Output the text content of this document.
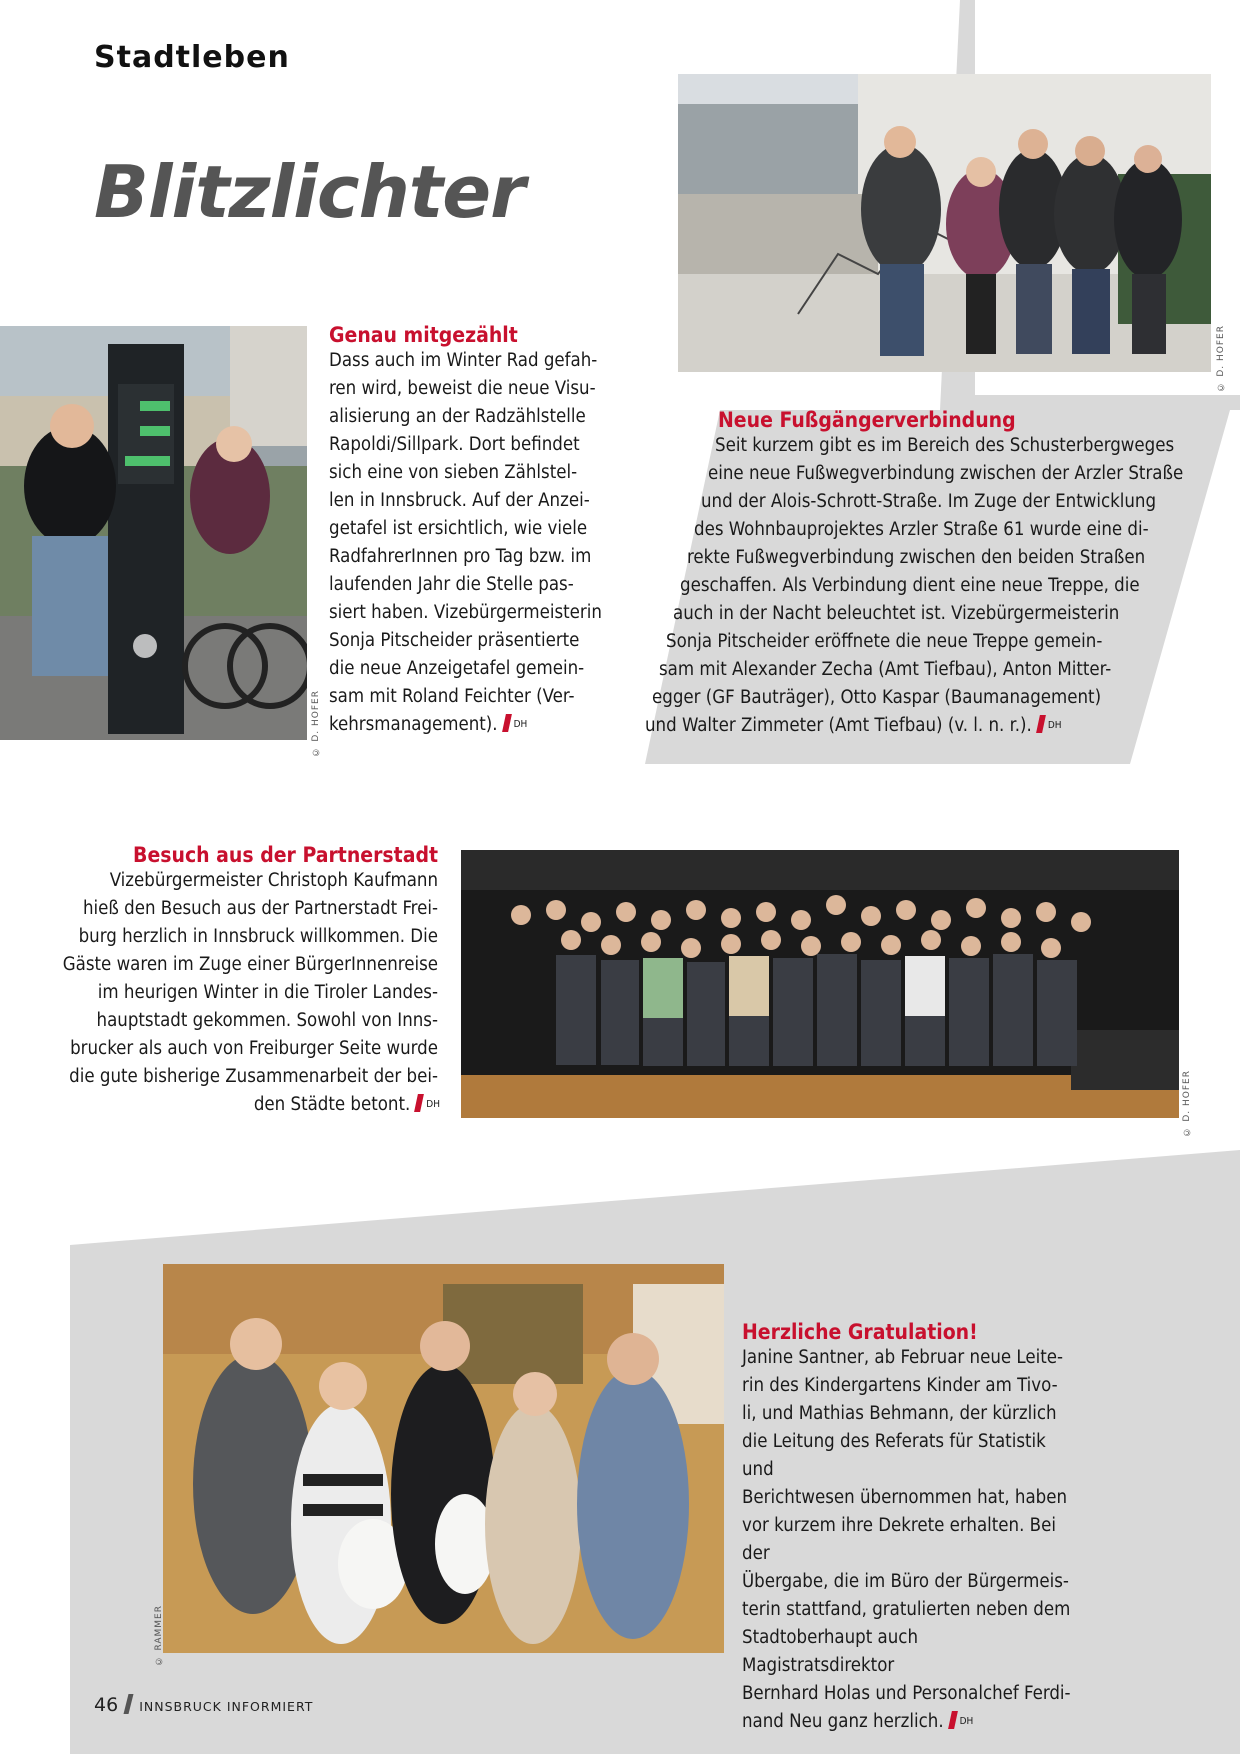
Stadtleben
Blitzlichter
© D. HOFER
Genau mitgezählt
Dass auch im Winter Rad gefah-
ren wird, beweist die neue Visu-
alisierung an der Radzählstelle
Rapoldi/Sillpark. Dort befindet
sich eine von sieben Zählstel-
len in Innsbruck. Auf der Anzei-
getafel ist ersichtlich, wie viele
RadfahrerInnen pro Tag bzw. im
laufenden Jahr die Stelle pas-
siert haben. Vizebürgermeisterin
Sonja Pitscheider präsentierte
die neue Anzeigetafel gemein-
sam mit Roland Feichter (Ver-
kehrsmanagement). $^{DH}$
© D. HOFER
Neue Fußgängerverbindung
Seit kurzem gibt es im Bereich des Schusterbergweges
eine neue Fußwegverbindung zwischen der Arzler Straße
und der Alois-Schrott-Straße. Im Zuge der Entwicklung
des Wohnbauprojektes Arzler Straße 61 wurde eine di-
rekte Fußwegverbindung zwischen den beiden Straßen
geschaffen. Als Verbindung dient eine neue Treppe, die
auch in der Nacht beleuchtet ist. Vizebürgermeisterin
Sonja Pitscheider eröffnete die neue Treppe gemein-
sam mit Alexander Zecha (Amt Tiefbau), Anton Mitter-
egger (GF Bauträger), Otto Kaspar (Baumanagement)
und Walter Zimmeter (Amt Tiefbau) (v. l. n. r.). $^{DH}$
Besuch aus der Partnerstadt
Vizebürgermeister Christoph Kaufmann
hieß den Besuch aus der Partnerstadt Frei-
burg herzlich in Innsbruck willkommen. Die
Gäste waren im Zuge einer BürgerInnenreise
im heurigen Winter in die Tiroler Landes-
hauptstadt gekommen. Sowohl von Inns-
brucker als auch von Freiburger Seite wurde
die gute bisherige Zusammenarbeit der bei-
den Städte betont. $^{DH}$	© D. HOFER
© RAMMER
Herzliche Gratulation!
Janine Santner, ab Februar neue Leite-
rin des Kindergartens Kinder am Tivo-
li, und Mathias Behmann, der kürzlich
die Leitung des Referats für Statistik und
Berichtwesen übernommen hat, haben
vor kurzem ihre Dekrete erhalten. Bei der
Übergabe, die im Büro der Bürgermeis-
terin stattfand, gratulierten neben dem
Stadtoberhaupt auch Magistratsdirektor
Bernhard Holas und Personalchef Ferdi-
nand Neu ganz herzlich. $^{DH}$
46 INNSBRUCK INFORMIERT
